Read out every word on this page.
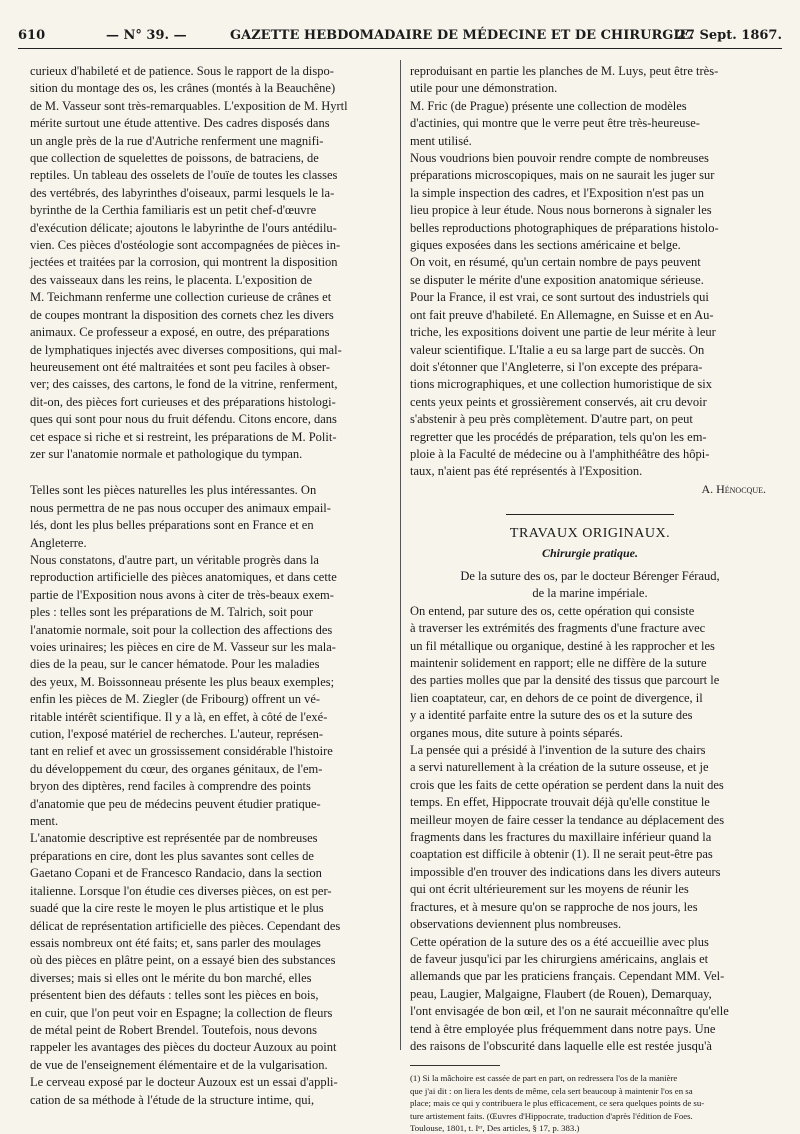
610	— N° 39. —	GAZETTE HEBDOMADAIRE DE MÉDECINE ET DE CHIRURGIE.
27 Sept. 1867.
curieux d'habileté et de patience. Sous le rapport de la dispo-
sition du montage des os, les crânes (montés à la Beauchêne)
de M. Vasseur sont très-remarquables. L'exposition de M. Hyrtl
mérite surtout une étude attentive. Des cadres disposés dans
un angle près de la rue d'Autriche renferment une magnifi-
que collection de squelettes de poissons, de batraciens, de
reptiles. Un tableau des osselets de l'ouïe de toutes les classes
des vertébrés, des labyrinthes d'oiseaux, parmi lesquels le la-
byrinthe de la Certhia familiaris est un petit chef-d'œuvre
d'exécution délicate; ajoutons le labyrinthe de l'ours antédilu-
vien. Ces pièces d'ostéologie sont accompagnées de pièces in-
jectées et traitées par la corrosion, qui montrent la disposition
des vaisseaux dans les reins, le placenta. L'exposition de
M. Teichmann renferme une collection curieuse de crânes et
de coupes montrant la disposition des cornets chez les divers
animaux. Ce professeur a exposé, en outre, des préparations
de lymphatiques injectés avec diverses compositions, qui mal-
heureusement ont été maltraitées et sont peu faciles à obser-
ver; des caisses, des cartons, le fond de la vitrine, renferment,
dit-on, des pièces fort curieuses et des préparations histologi-
ques qui sont pour nous du fruit défendu. Citons encore, dans
cet espace si riche et si restreint, les préparations de M. Polit-
zer sur l'anatomie normale et pathologique du tympan.
Telles sont les pièces naturelles les plus intéressantes. On
nous permettra de ne pas nous occuper des animaux empail-
lés, dont les plus belles préparations sont en France et en
Angleterre.
Nous constatons, d'autre part, un véritable progrès dans la
reproduction artificielle des pièces anatomiques, et dans cette
partie de l'Exposition nous avons à citer de très-beaux exem-
ples : telles sont les préparations de M. Talrich, soit pour
l'anatomie normale, soit pour la collection des affections des
voies urinaires; les pièces en cire de M. Vasseur sur les mala-
dies de la peau, sur le cancer hématode. Pour les maladies
des yeux, M. Boissonneau présente les plus beaux exemples;
enfin les pièces de M. Ziegler (de Fribourg) offrent un vé-
ritable intérêt scientifique. Il y a là, en effet, à côté de l'exé-
cution, l'exposé matériel de recherches. L'auteur, représen-
tant en relief et avec un grossissement considérable l'histoire
du développement du cœur, des organes génitaux, de l'em-
bryon des diptères, rend faciles à comprendre des points
d'anatomie que peu de médecins peuvent étudier pratique-
ment.
L'anatomie descriptive est représentée par de nombreuses
préparations en cire, dont les plus savantes sont celles de
Gaetano Copani et de Francesco Randacio, dans la section
italienne. Lorsque l'on étudie ces diverses pièces, on est per-
suadé que la cire reste le moyen le plus artistique et le plus
délicat de représentation artificielle des pièces. Cependant des
essais nombreux ont été faits; et, sans parler des moulages
où des pièces en plâtre peint, on a essayé bien des substances
diverses; mais si elles ont le mérite du bon marché, elles
présentent bien des défauts : telles sont les pièces en bois,
en cuir, que l'on peut voir en Espagne; la collection de fleurs
de métal peint de Robert Brendel. Toutefois, nous devons
rappeler les avantages des pièces du docteur Auzoux au point
de vue de l'enseignement élémentaire et de la vulgarisation.
Le cerveau exposé par le docteur Auzoux est un essai d'appli-
cation de sa méthode à l'étude de la structure intime, qui,
reproduisant en partie les planches de M. Luys, peut être très-
utile pour une démonstration.
M. Fric (de Prague) présente une collection de modèles
d'actinies, qui montre que le verre peut être très-heureuse-
ment utilisé.
Nous voudrions bien pouvoir rendre compte de nombreuses
préparations microscopiques, mais on ne saurait les juger sur
la simple inspection des cadres, et l'Exposition n'est pas un
lieu propice à leur étude. Nous nous bornerons à signaler les
belles reproductions photographiques de préparations histolo-
giques exposées dans les sections américaine et belge.
On voit, en résumé, qu'un certain nombre de pays peuvent
se disputer le mérite d'une exposition anatomique sérieuse.
Pour la France, il est vrai, ce sont surtout des industriels qui
ont fait preuve d'habileté. En Allemagne, en Suisse et en Au-
triche, les expositions doivent une partie de leur mérite à leur
valeur scientifique. L'Italie a eu sa large part de succès. On
doit s'étonner que l'Angleterre, si l'on excepte des prépara-
tions micrographiques, et une collection humoristique de six
cents yeux peints et grossièrement conservés, ait cru devoir
s'abstenir à peu près complètement. D'autre part, on peut
regretter que les procédés de préparation, tels qu'on les em-
ploie à la Faculté de médecine ou à l'amphithéâtre des hôpi-
taux, n'aient pas été représentés à l'Exposition.
A. Hénocque.
TRAVAUX ORIGINAUX.
Chirurgie pratique.
De la suture des os, par le docteur Bérenger Féraud,
de la marine impériale.
On entend, par suture des os, cette opération qui consiste
à traverser les extrémités des fragments d'une fracture avec
un fil métallique ou organique, destiné à les rapprocher et les
maintenir solidement en rapport; elle ne diffère de la suture
des parties molles que par la densité des tissus que parcourt le
lien coaptateur, car, en dehors de ce point de divergence, il
y a identité parfaite entre la suture des os et la suture des
organes mous, dite suture à points séparés.
La pensée qui a présidé à l'invention de la suture des chairs
a servi naturellement à la création de la suture osseuse, et je
crois que les faits de cette opération se perdent dans la nuit des
temps. En effet, Hippocrate trouvait déjà qu'elle constitue le
meilleur moyen de faire cesser la tendance au déplacement des
fragments dans les fractures du maxillaire inférieur quand la
coaptation est difficile à obtenir (1). Il ne serait peut-être pas
impossible d'en trouver des indications dans les divers auteurs
qui ont écrit ultérieurement sur les moyens de réunir les
fractures, et à mesure qu'on se rapproche de nos jours, les
observations deviennent plus nombreuses.
Cette opération de la suture des os a été accueillie avec plus
de faveur jusqu'ici par les chirurgiens américains, anglais et
allemands que par les praticiens français. Cependant MM. Vel-
peau, Laugier, Malgaigne, Flaubert (de Rouen), Demarquay,
l'ont envisagée de bon œil, et l'on ne saurait méconnaître qu'elle
tend à être employée plus fréquemment dans notre pays. Une
des raisons de l'obscurité dans laquelle elle est restée jusqu'à
(1) Si la mâchoire est cassée de part en part, on redressera l'os de la manière
que j'ai dit : on liera les dents de même, cela sert beaucoup à maintenir l'os en sa
place; mais ce qui y contribuera le plus efficacement, ce sera quelques points de su-
ture artistement faits. (Œuvres d'Hippocrate, traduction d'après l'édition de Foes.
Toulouse, 1801, t. Iᵉʳ, Des articles, § 17, p. 383.)
